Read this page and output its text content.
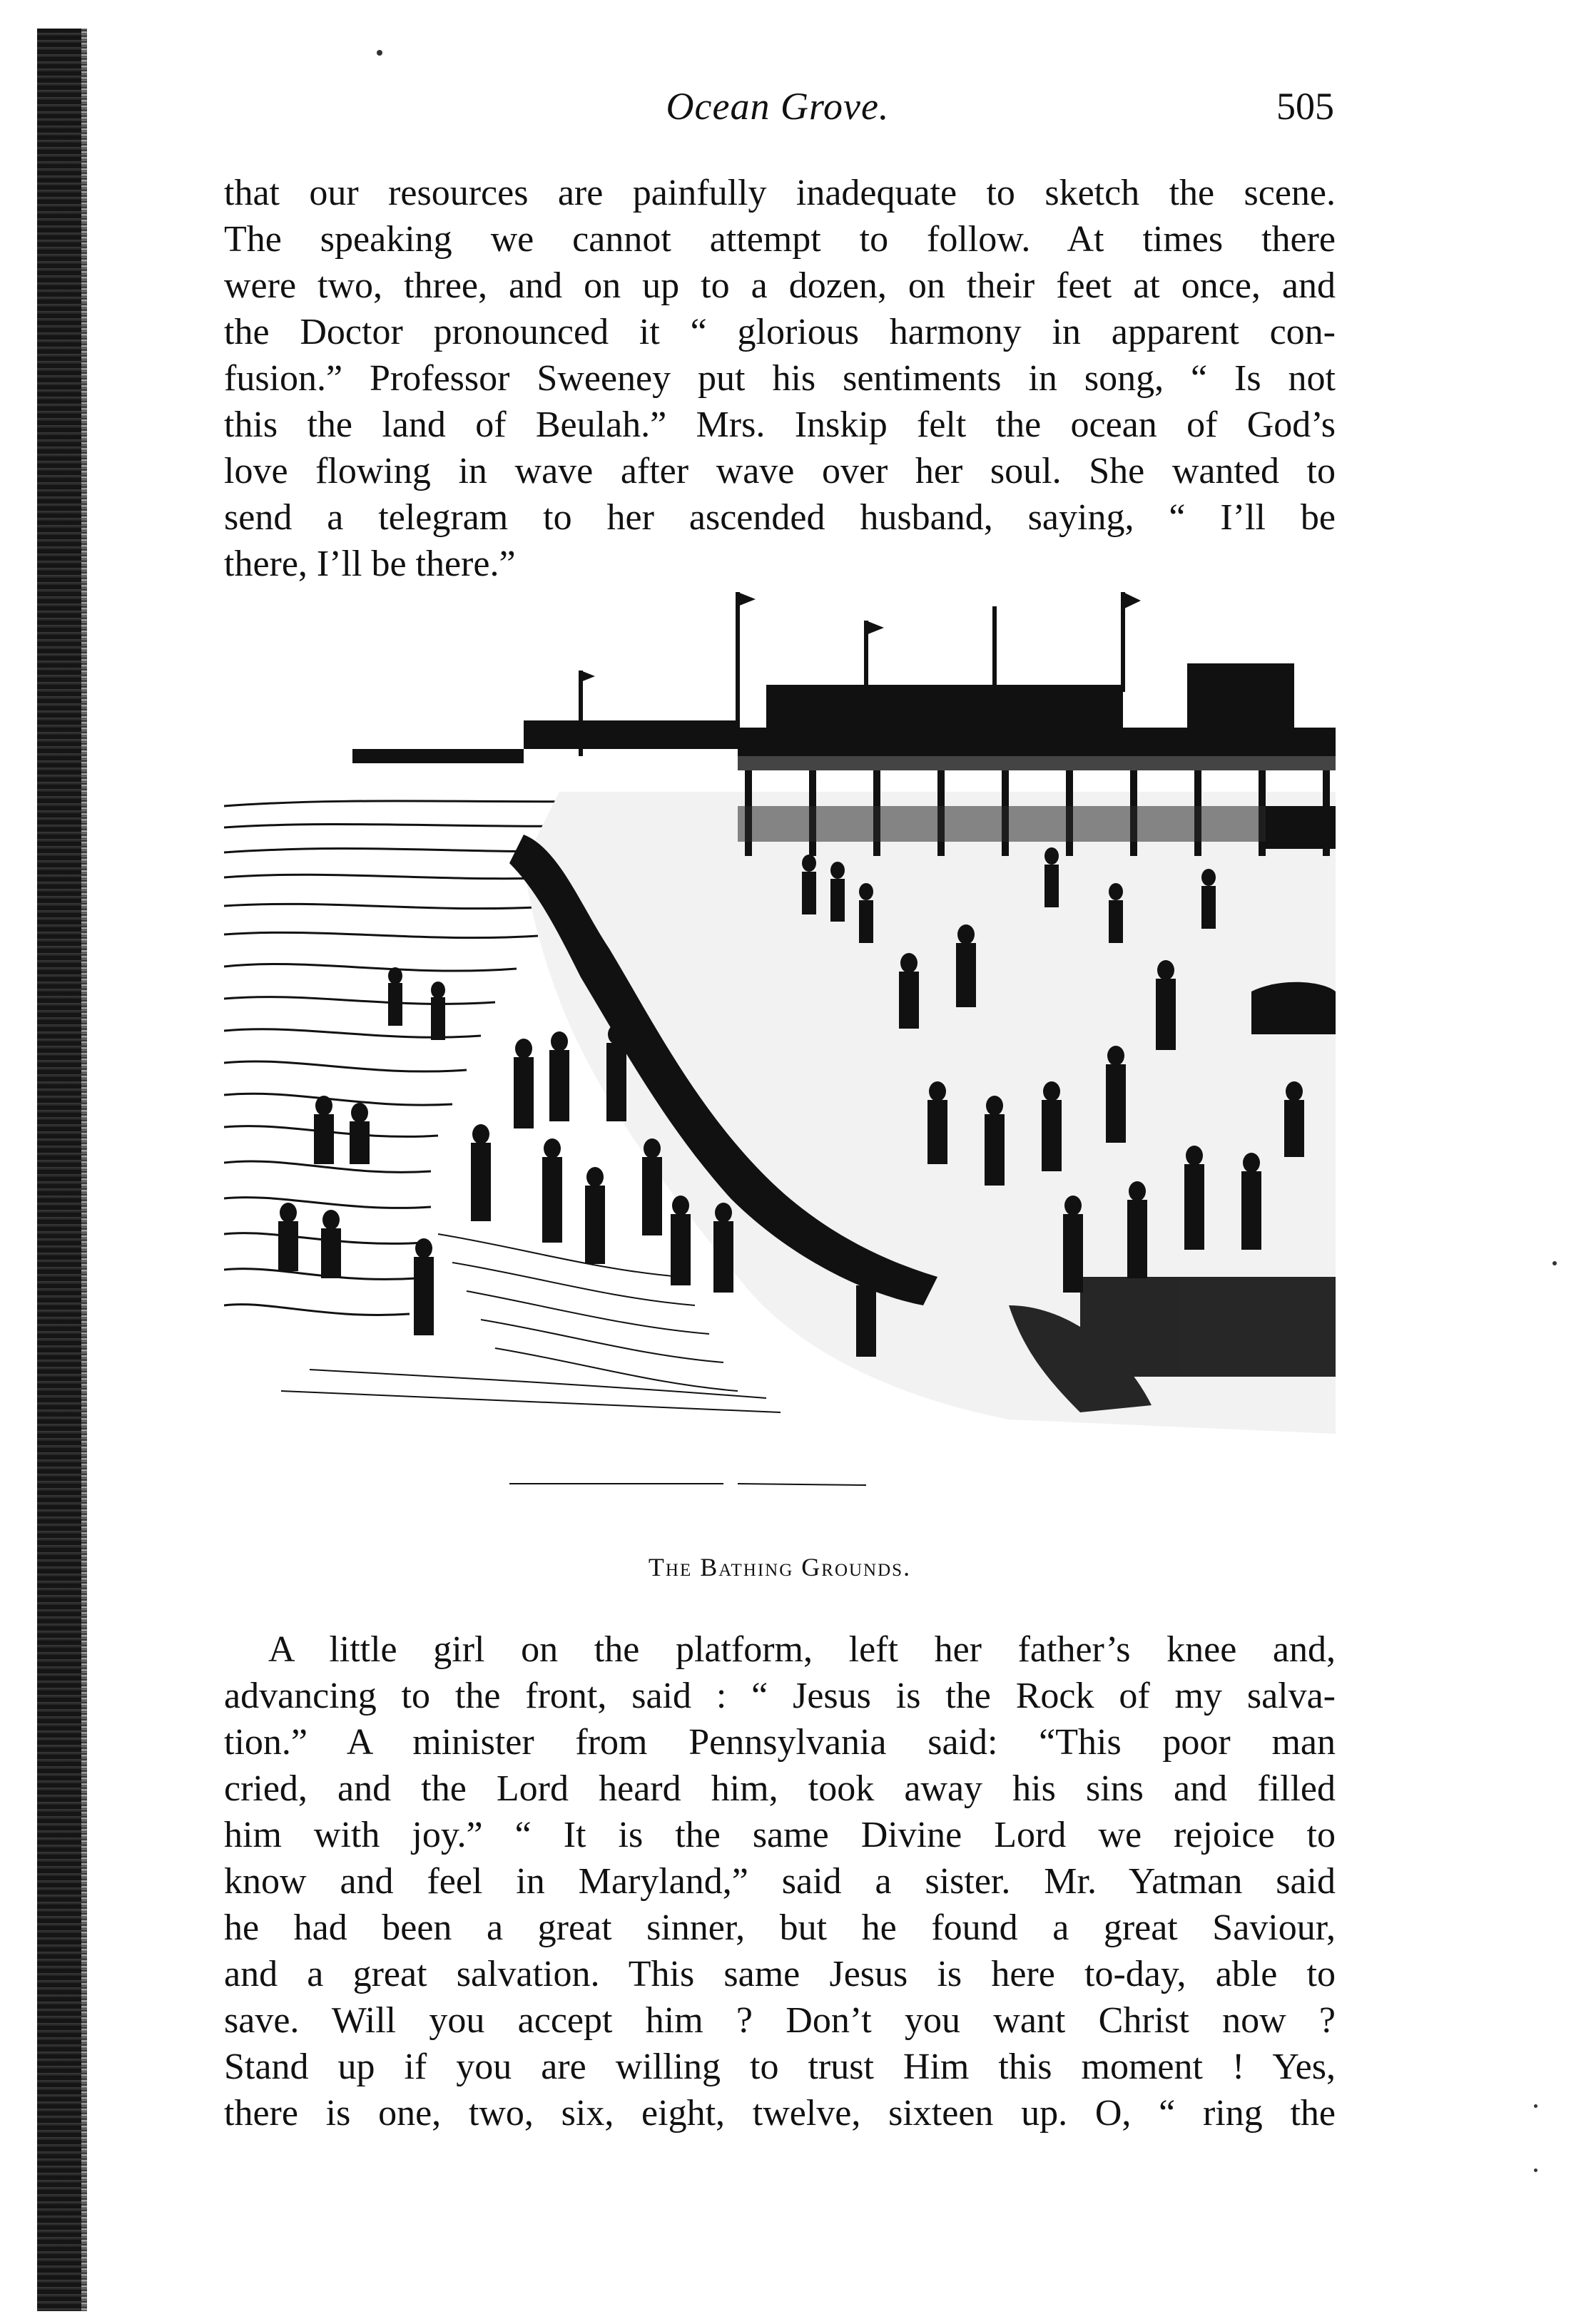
Ocean Grove.	505
that our resources are painfully inadequate to sketch the scene.
The speaking we cannot attempt to follow. At times there
were two, three, and on up to a dozen, on their feet at once, and
the Doctor pronounced it “ glorious harmony in apparent con-
fusion.” Professor Sweeney put his sentiments in song, “ Is not
this the land of Beulah.” Mrs. Inskip felt the ocean of God’s
love flowing in wave after wave over her soul. She wanted to
send a telegram to her ascended husband, saying, “ I’ll be
there, I’ll be there.”
The Bathing Grounds.
A little girl on the platform, left her father’s knee and,
advancing to the front, said : “ Jesus is the Rock of my salva-
tion.” A minister from Pennsylvania said: “This poor man
cried, and the Lord heard him, took away his sins and filled
him with joy.” “ It is the same Divine Lord we rejoice to
know and feel in Maryland,” said a sister. Mr. Yatman said
he had been a great sinner, but he found a great Saviour,
and a great salvation. This same Jesus is here to-day, able to
save. Will you accept him ? Don’t you want Christ now ?
Stand up if you are willing to trust Him this moment ! Yes,
there is one, two, six, eight, twelve, sixteen up. O, “ ring the
